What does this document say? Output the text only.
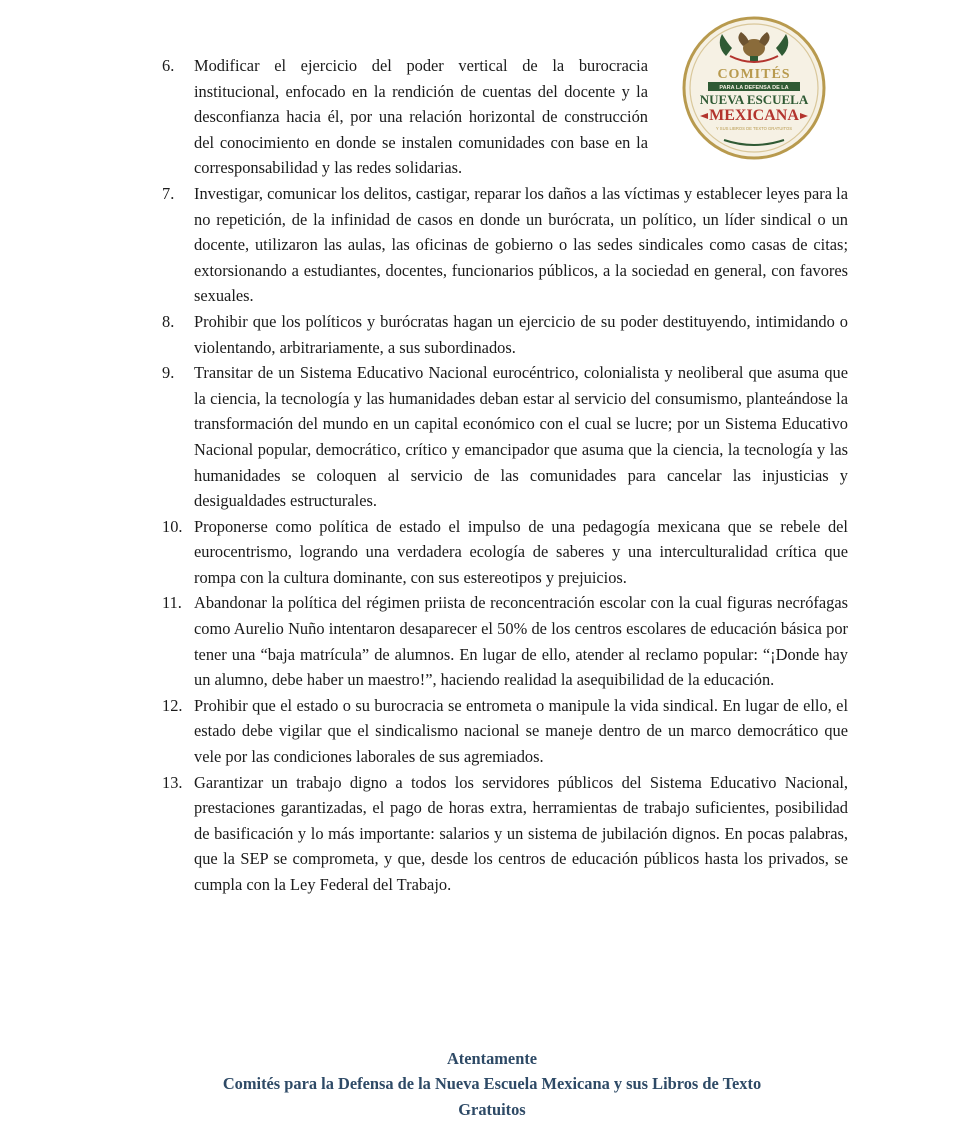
COMITÉS
PARA LA DEFENSA DE LA
NUEVA ESCUELA
MEXICANA
Y SUS LIBROS DE TEXTO GRATUITOS
6. Modificar el ejercicio del poder vertical de la burocracia institucional, enfocado en la rendición de cuentas del docente y la desconfianza hacia él, por una relación horizontal de construcción del conocimiento en donde se instalen comunidades con base en la corresponsabilidad y las redes solidarias.
7. Investigar, comunicar los delitos, castigar, reparar los daños a las víctimas y establecer leyes para la no repetición, de la infinidad de casos en donde un burócrata, un político, un líder sindical o un docente, utilizaron las aulas, las oficinas de gobierno o las sedes sindicales como casas de citas; extorsionando a estudiantes, docentes, funcionarios públicos, a la sociedad en general, con favores sexuales.
8. Prohibir que los políticos y burócratas hagan un ejercicio de su poder destituyendo, intimidando o violentando, arbitrariamente, a sus subordinados.
9. Transitar de un Sistema Educativo Nacional eurocéntrico, colonialista y neoliberal que asuma que la ciencia, la tecnología y las humanidades deban estar al servicio del consumismo, planteándose la transformación del mundo en un capital económico con el cual se lucre; por un Sistema Educativo Nacional popular, democrático, crítico y emancipador que asuma que la ciencia, la tecnología y las humanidades se coloquen al servicio de las comunidades para cancelar las injusticias y desigualdades estructurales.
10. Proponerse como política de estado el impulso de una pedagogía mexicana que se rebele del eurocentrismo, logrando una verdadera ecología de saberes y una interculturalidad crítica que rompa con la cultura dominante, con sus estereotipos y prejuicios.
11. Abandonar la política del régimen priista de reconcentración escolar con la cual figuras necrófagas como Aurelio Nuño intentaron desaparecer el 50% de los centros escolares de educación básica por tener una “baja matrícula” de alumnos. En lugar de ello, atender al reclamo popular: “¡Donde hay un alumno, debe haber un maestro!”, haciendo realidad la asequibilidad de la educación.
12. Prohibir que el estado o su burocracia se entrometa o manipule la vida sindical. En lugar de ello, el estado debe vigilar que el sindicalismo nacional se maneje dentro de un marco democrático que vele por las condiciones laborales de sus agremiados.
13. Garantizar un trabajo digno a todos los servidores públicos del Sistema Educativo Nacional, prestaciones garantizadas, el pago de horas extra, herramientas de trabajo suficientes, posibilidad de basificación y lo más importante: salarios y un sistema de jubilación dignos. En pocas palabras, que la SEP se comprometa, y que, desde los centros de educación públicos hasta los privados, se cumpla con la Ley Federal del Trabajo.
Atentamente
Comités para la Defensa de la Nueva Escuela Mexicana y sus Libros de Texto
Gratuitos
